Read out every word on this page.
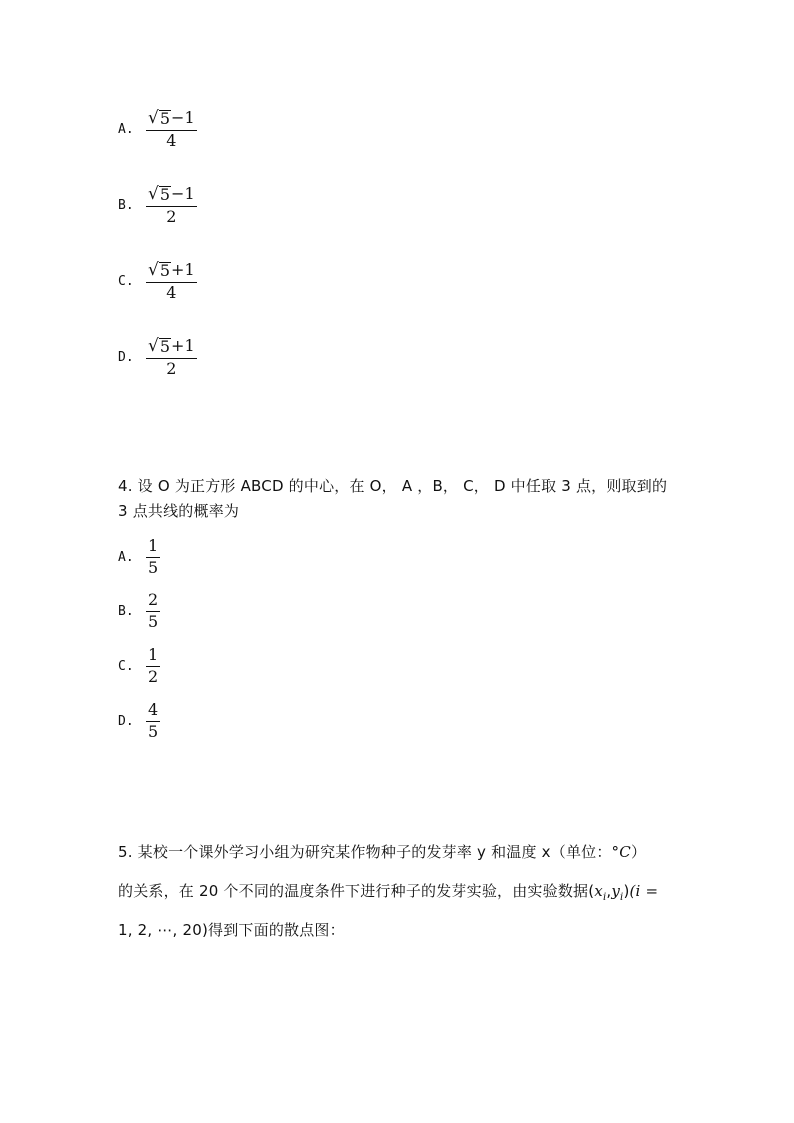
A. $\frac{√ 5 -1}{4}$
B. $\frac{√ 5 -1}{2}$
C. $\frac{√ 5 +1}{4}$
D. $\frac{√ 5 +1}{2}$
4. 设 O 为正方形 ABCD 的中心，在 O， A ，B， C， D 中任取 3 点，则取到的 3 点共线的概率为
A. $\frac{1}{5}$
B. $\frac{2}{5}$
C. $\frac{1}{2}$
D. $\frac{4}{5}$
5. 某校一个课外学习小组为研究某作物种子的发芽率 y 和温度 x（单位：°C）
的关系，在 20 个不同的温度条件下进行种子的发芽实验，由实验数据$(x_i,y_i)(i$ =
1, 2, ⋯, 20)得到下面的散点图：
